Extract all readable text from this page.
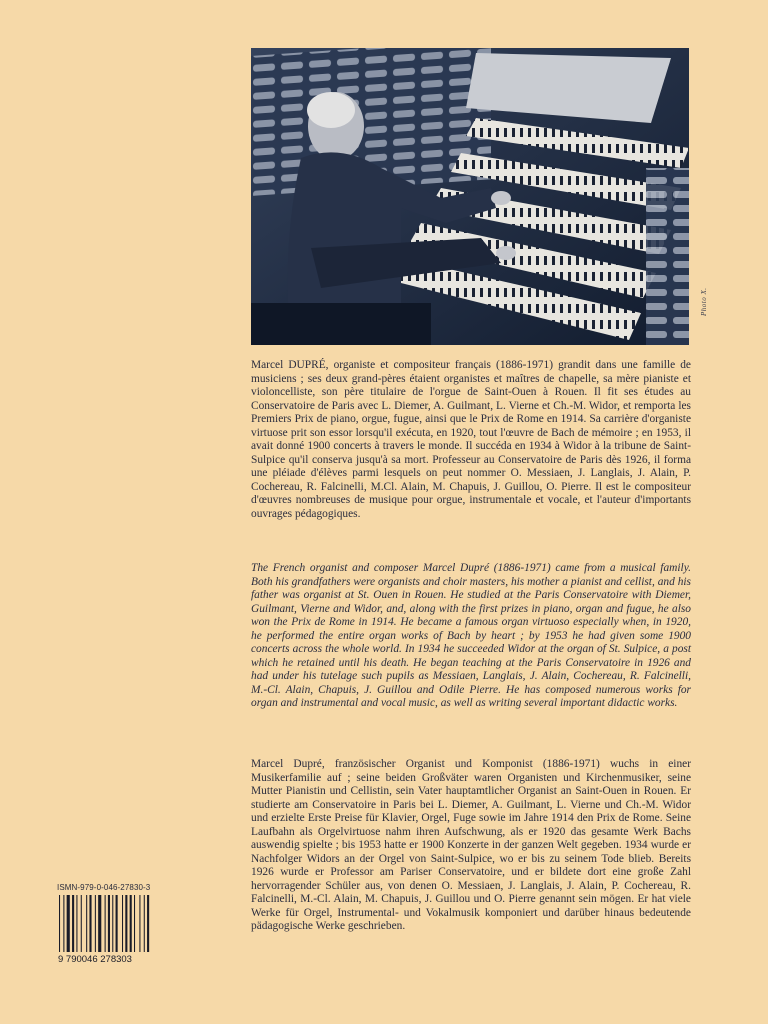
Photo X.

Marcel DUPRÉ, organiste et compositeur français (1886-1971) grandit dans une famille de musiciens ; ses deux grand-pères étaient organistes et maîtres de chapelle, sa mère pianiste et violoncelliste, son père titulaire de l'orgue de Saint-Ouen à Rouen. Il fit ses études au Conservatoire de Paris avec L. Diemer, A. Guilmant, L. Vierne et Ch.-M. Widor, et remporta les Premiers Prix de piano, orgue, fugue, ainsi que le Prix de Rome en 1914. Sa carrière d'organiste virtuose prit son essor lorsqu'il exécuta, en 1920, tout l'œuvre de Bach de mémoire ; en 1953, il avait donné 1900 concerts à travers le monde. Il succéda en 1934 à Widor à la tribune de Saint-Sulpice qu'il conserva jusqu'à sa mort. Professeur au Conservatoire de Paris dès 1926, il forma une pléiade d'élèves parmi lesquels on peut nommer O. Messiaen, J. Langlais, J. Alain, P. Cochereau, R. Falcinelli, M.Cl. Alain, M. Chapuis, J. Guillou, O. Pierre. Il est le compositeur d'œuvres nombreuses de musique pour orgue, instrumentale et vocale, et l'auteur d'importants ouvrages pédagogiques.

The French organist and composer Marcel Dupré (1886-1971) came from a musical family. Both his grandfathers were organists and choir masters, his mother a pianist and cellist, and his father was organist at St. Ouen in Rouen. He studied at the Paris Conservatoire with Diemer, Guilmant, Vierne and Widor, and, along with the first prizes in piano, organ and fugue, he also won the Prix de Rome in 1914. He became a famous organ virtuoso especially when, in 1920, he performed the entire organ works of Bach by heart ; by 1953 he had given some 1900 concerts across the whole world. In 1934 he succeeded Widor at the organ of St. Sulpice, a post which he retained until his death. He began teaching at the Paris Conservatoire in 1926 and had under his tutelage such pupils as Messiaen, Langlais, J. Alain, Cochereau, R. Falcinelli, M.-Cl. Alain, Chapuis, J. Guillou and Odile Pierre. He has composed numerous works for organ and instrumental and vocal music, as well as writing several important didactic works.

Marcel Dupré, französischer Organist und Komponist (1886-1971) wuchs in einer Musikerfamilie auf ; seine beiden Großväter waren Organisten und Kirchenmusiker, seine Mutter Pianistin und Cellistin, sein Vater hauptamtlicher Organist an Saint-Ouen in Rouen. Er studierte am Conservatoire in Paris bei L. Diemer, A. Guilmant, L. Vierne und Ch.-M. Widor und erzielte Erste Preise für Klavier, Orgel, Fuge sowie im Jahre 1914 den Prix de Rome. Seine Laufbahn als Orgelvirtuose nahm ihren Aufschwung, als er 1920 das gesamte Werk Bachs auswendig spielte ; bis 1953 hatte er 1900 Konzerte in der ganzen Welt gegeben. 1934 wurde er Nachfolger Widors an der Orgel von Saint-Sulpice, wo er bis zu seinem Tode blieb. Bereits 1926 wurde er Professor am Pariser Conservatoire, und er bildete dort eine große Zahl hervorragender Schüler aus, von denen O. Messiaen, J. Langlais, J. Alain, P. Cochereau, R. Falcinelli, M.-Cl. Alain, M. Chapuis, J. Guillou und O. Pierre genannt sein mögen. Er hat viele Werke für Orgel, Instrumental- und Vokalmusik komponiert und darüber hinaus bedeutende pädagogische Werke geschrieben.

ISMN-979-0-046-27830-3
9 790046 278303
